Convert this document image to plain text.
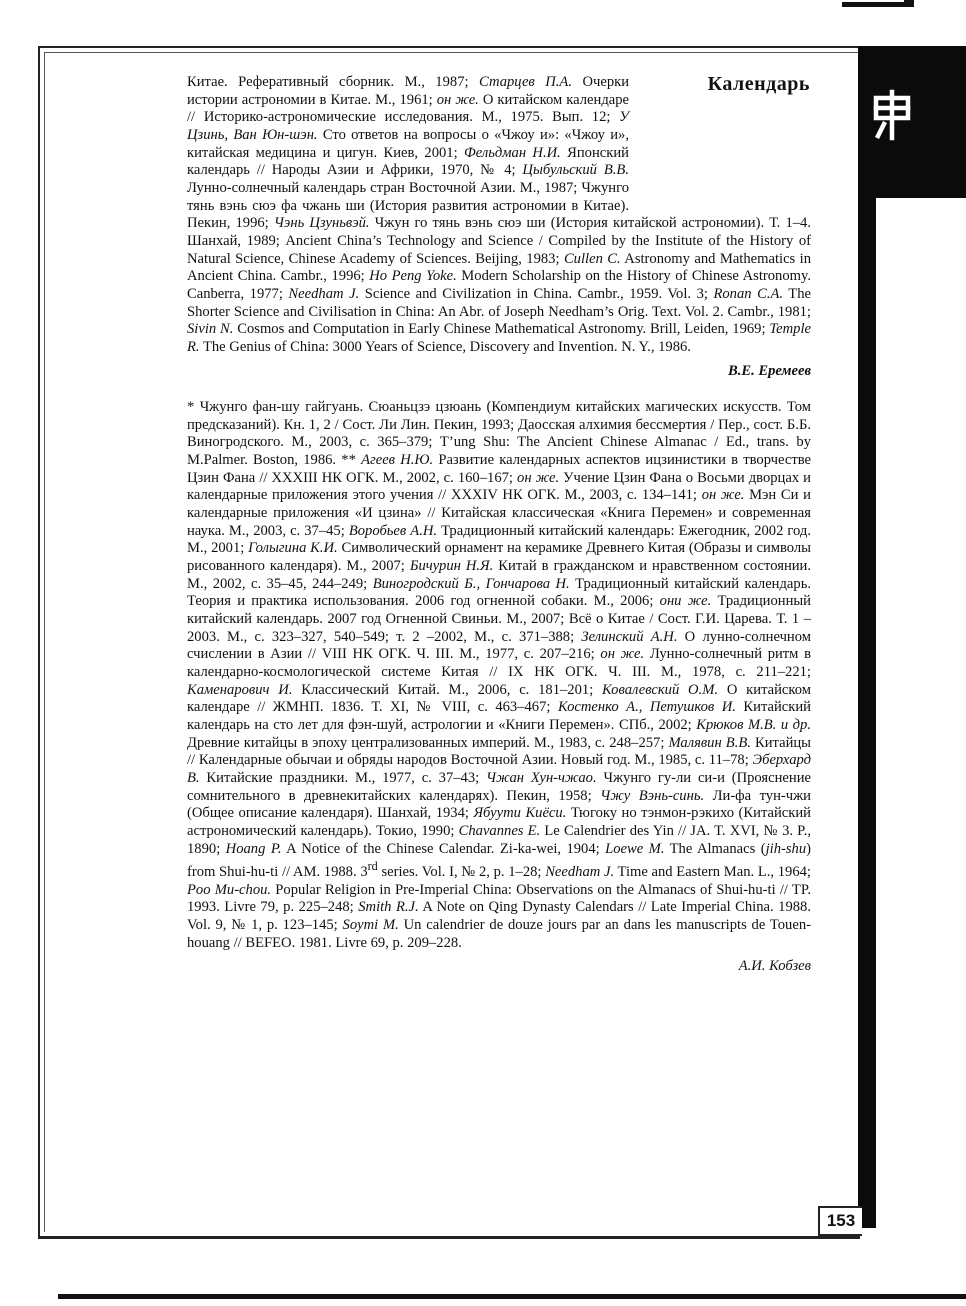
Календарь

Китае. Реферативный сборник. М., 1987; Старцев П.А. Очерки истории астрономии в Китае. М., 1961; он же. О китайском календаре // Историко-астрономические исследования. М., 1975. Вып. 12; У Цзинь, Ван Юн-шэн. Сто ответов на вопросы о «Чжоу и»: «Чжоу и», китайская медицина и цигун. Киев, 2001; Фельдман Н.И. Японский календарь // Народы Азии и Африки, 1970, № 4; Цыбульский В.В. Лунно-солнечный календарь стран Восточной Азии. М., 1987; Чжунго тянь вэнь сюэ фа чжань ши (История развития астрономии в Китае). Пекин, 1996; Чэнь Цзуньвэй. Чжун го тянь вэнь сюэ ши (История китайской астрономии). Т. 1–4. Шанхай, 1989; Ancient China’s Technology and Science / Compiled by the Institute of the History of Natural Science, Chinese Academy of Sciences. Beijing, 1983; Cullen C. Astronomy and Mathematics in Ancient China. Cambr., 1996; Ho Peng Yoke. Modern Scholarship on the History of Chinese Astronomy. Canberra, 1977; Needham J. Science and Civilization in China. Cambr., 1959. Vol. 3; Ronan C.A. The Shorter Science and Civilisation in China: An Abr. of Joseph Needham’s Orig. Text. Vol. 2. Cambr., 1981; Sivin N. Cosmos and Computation in Early Chinese Mathematical Astronomy. Brill, Leiden, 1969; Temple R. The Genius of China: 3000 Years of Science, Discovery and Invention. N. Y., 1986.

В.Е. Еремеев

* Чжунго фан-шу гайгуань. Сюаньцзэ цзюань (Компендиум китайских магических искусств. Том предсказаний). Кн. 1, 2 / Сост. Ли Лин. Пекин, 1993; Даосская алхимия бессмертия / Пер., сост. Б.Б. Виногродского. М., 2003, с. 365–379; T’ung Shu: The Ancient Chinese Almanac / Ed., trans. by M.Palmer. Boston, 1986. ** Агеев Н.Ю. Развитие календарных аспектов ицзинистики в творчестве Цзин Фана // XXXIII НК ОГК. М., 2002, с. 160–167; он же. Учение Цзин Фана о Восьми дворцах и календарные приложения этого учения // XXXIV НК ОГК. М., 2003, с. 134–141; он же. Мэн Си и календарные приложения «И цзина» // Китайская классическая «Книга Перемен» и современная наука. М., 2003, с. 37–45; Воробьев А.Н. Традиционный китайский календарь: Ежегодник, 2002 год. М., 2001; Голыгина К.И. Символический орнамент на керамике Древнего Китая (Образы и символы рисованного календаря). М., 2007; Бичурин Н.Я. Китай в гражданском и нравственном состоянии. М., 2002, с. 35–45, 244–249; Виногродский Б., Гончарова Н. Традиционный китайский календарь. Теория и практика использования. 2006 год огненной собаки. М., 2006; они же. Традиционный китайский календарь. 2007 год Огненной Свиньи. М., 2007; Всё о Китае / Сост. Г.И. Царева. Т. 1 –2003. М., с. 323–327, 540–549; т. 2 –2002, М., с. 371–388; Зелинский А.Н. О лунно-солнечном счислении в Азии // VIII НК ОГК. Ч. III. М., 1977, с. 207–216; он же. Лунно-солнечный ритм в календарно-космологической системе Китая // IX НК ОГК. Ч. III. М., 1978, с. 211–221; Каменарович И. Классический Китай. М., 2006, с. 181–201; Ковалевский О.М. О китайском календаре // ЖМНП. 1836. Т. XI, № VIII, с. 463–467; Костенко А., Петушков И. Китайский календарь на сто лет для фэн-шуй, астрологии и «Книги Перемен». СПб., 2002; Крюков М.В. и др. Древние китайцы в эпоху централизованных империй. М., 1983, с. 248–257; Малявин В.В. Китайцы // Календарные обычаи и обряды народов Восточной Азии. Новый год. М., 1985, с. 11–78; Эберхард В. Китайские праздники. М., 1977, с. 37–43; Чжан Хун-чжао. Чжунго гу-ли си-и (Прояснение сомнительного в древнекитайских календарях). Пекин, 1958; Чжу Вэнь-синь. Ли-фа тун-чжи (Общее описание календаря). Шанхай, 1934; Ябуути Киёси. Тюгоку но тэнмон-рэкихо (Китайский астрономический календарь). Токио, 1990; Chavannes E. Le Calendrier des Yin // JA. T. XVI, № 3. P., 1890; Hoang P. A Notice of the Chinese Calendar. Zi-ka-wei, 1904; Loewe M. The Almanacs (jih-shu) from Shui-hu-ti // AM. 1988. 3rd series. Vol. I, № 2, p. 1–28; Needham J. Time and Eastern Man. L., 1964; Poo Mu-chou. Popular Religion in Pre-Imperial China: Observations on the Almanacs of Shui-hu-ti // TP. 1993. Livre 79, p. 225–248; Smith R.J. A Note on Qing Dynasty Calendars // Late Imperial China. 1988. Vol. 9, № 1, p. 123–145; Soymi M. Un calendrier de douze jours par an dans les manuscripts de Touen-houang // BEFEO. 1981. Livre 69, p. 209–228.

А.И. Кобзев

153
